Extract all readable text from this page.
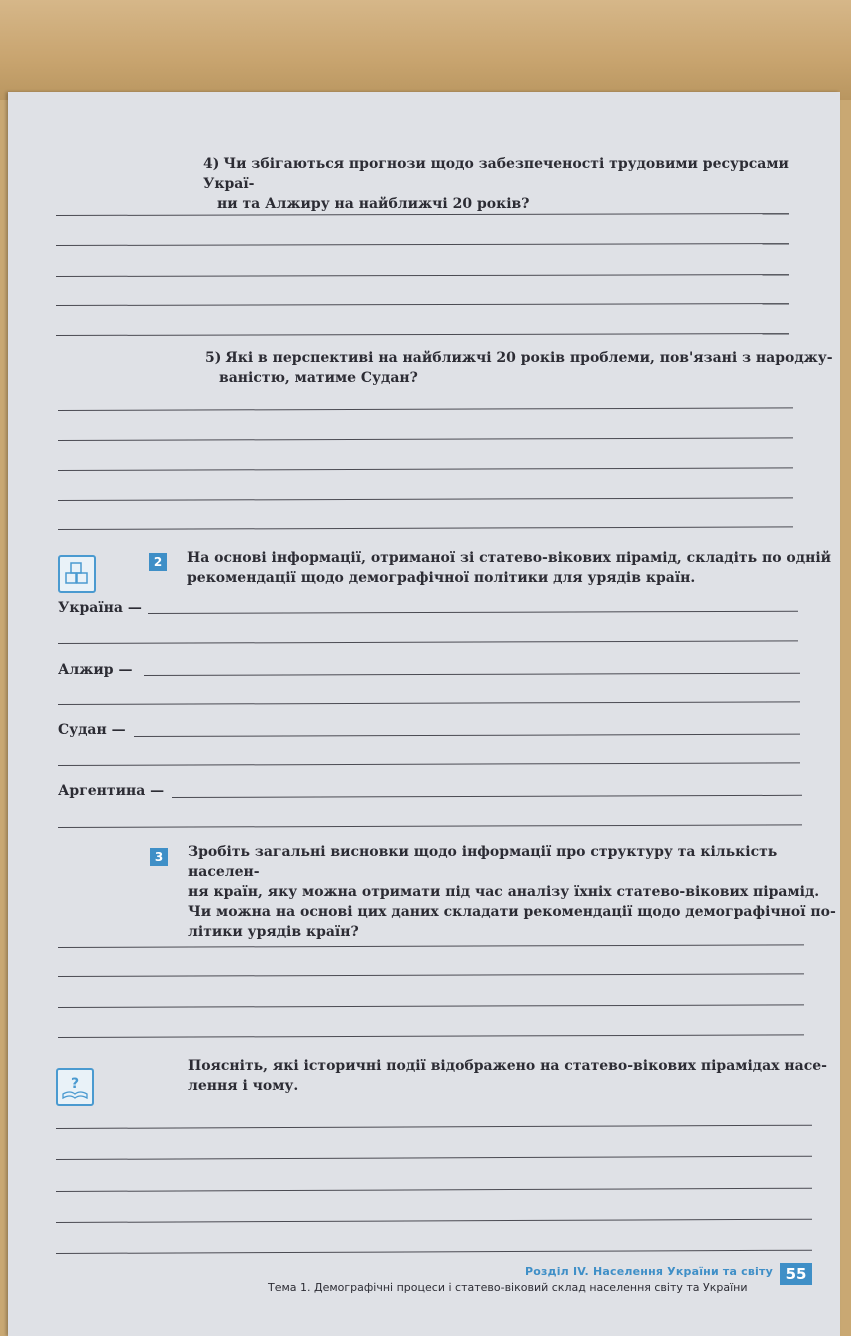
4) Чи збігаються прогнози щодо забезпеченості трудовими ресурсами Украї-
ни та Алжиру на найближчі 20 років?
5) Які в перспективі на найближчі 20 років проблеми, пов'язані з народжу-
ваністю, матиме Судан?
2	На основі інформації, отриманої зі статево-вікових пірамід, складіть по одній
рекомендації щодо демографічної політики для урядів країн.
Україна —
Алжир —
Судан —
Аргентина —
3	Зробіть загальні висновки щодо інформації про структуру та кількість населен-
ня країн, яку можна отримати під час аналізу їхніх статево-вікових пірамід.
Чи можна на основі цих даних складати рекомендації щодо демографічної по-
літики урядів країн?
?
Поясніть, які історичні події відображено на статево-вікових пірамідах насе-
лення і чому.
Розділ IV. Населення України та світу
Тема 1. Демографічні процеси і статево-віковий склад населення світу та України
55
